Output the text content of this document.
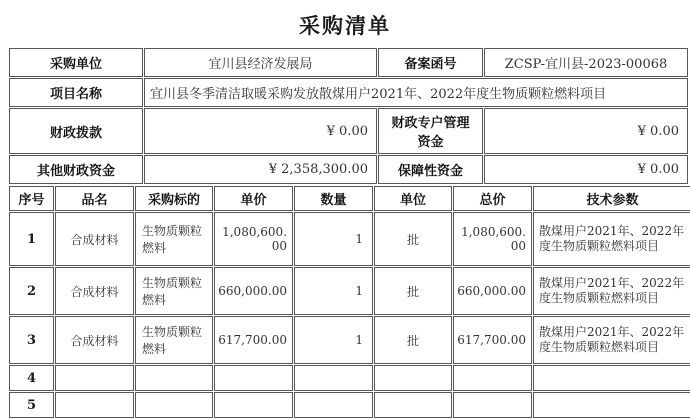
采购清单
采购单位	宜川县经济发展局	备案函号	ZCSP-宜川县-2023-00068
项目名称	宜川县冬季清洁取暖采购发放散煤用户2021年、2022年度生物质颗粒燃料项目		
财政拨款	¥ 0.00	财政专户管理资金	¥ 0.00
其他财政资金	¥ 2,358,300.00	保障性资金	¥ 0.00
序号	品名	采购标的	单价	数量	单位	总价	技术参数
1	合成材料	生物质颗粒燃料	1,080,600.00	1	批	1,080,600.00	散煤用户2021年、2022年度生物质颗粒燃料项目
2	合成材料	生物质颗粒燃料	660,000.00	1	批	660,000.00	散煤用户2021年、2022年度生物质颗粒燃料项目
3	合成材料	生物质颗粒燃料	617,700.00	1	批	617,700.00	散煤用户2021年、2022年度生物质颗粒燃料项目
4							
5							
